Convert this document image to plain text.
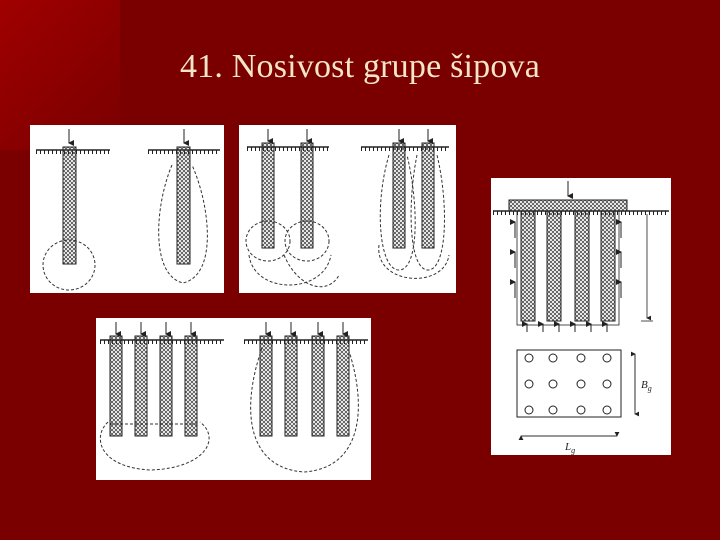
41. Nosivost grupe šipova
$B_g$
$L_g$
